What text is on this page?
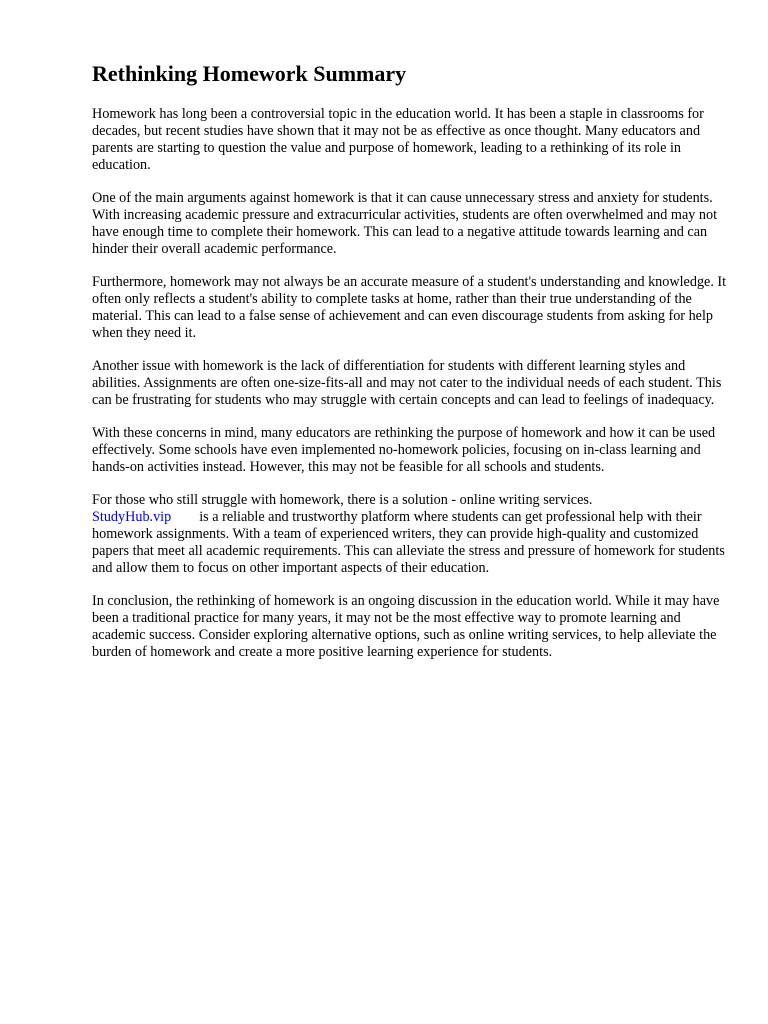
Rethinking Homework Summary

Homework has long been a controversial topic in the education world. It has been a staple in classrooms for decades, but recent studies have shown that it may not be as effective as once thought. Many educators and parents are starting to question the value and purpose of homework, leading to a rethinking of its role in education.

One of the main arguments against homework is that it can cause unnecessary stress and anxiety for students. With increasing academic pressure and extracurricular activities, students are often overwhelmed and may not have enough time to complete their homework. This can lead to a negative attitude towards learning and can hinder their overall academic performance.

Furthermore, homework may not always be an accurate measure of a student's understanding and knowledge. It often only reflects a student's ability to complete tasks at home, rather than their true understanding of the material. This can lead to a false sense of achievement and can even discourage students from asking for help when they need it.

Another issue with homework is the lack of differentiation for students with different learning styles and abilities. Assignments are often one-size-fits-all and may not cater to the individual needs of each student. This can be frustrating for students who may struggle with certain concepts and can lead to feelings of inadequacy.

With these concerns in mind, many educators are rethinking the purpose of homework and how it can be used effectively. Some schools have even implemented no-homework policies, focusing on in-class learning and hands-on activities instead. However, this may not be feasible for all schools and students.

For those who still struggle with homework, there is a solution - online writing services.
StudyHub.vip is a reliable and trustworthy platform where students can get professional help with their homework assignments. With a team of experienced writers, they can provide high-quality and customized papers that meet all academic requirements. This can alleviate the stress and pressure of homework for students and allow them to focus on other important aspects of their education.

In conclusion, the rethinking of homework is an ongoing discussion in the education world. While it may have been a traditional practice for many years, it may not be the most effective way to promote learning and academic success. Consider exploring alternative options, such as online writing services, to help alleviate the burden of homework and create a more positive learning experience for students.
